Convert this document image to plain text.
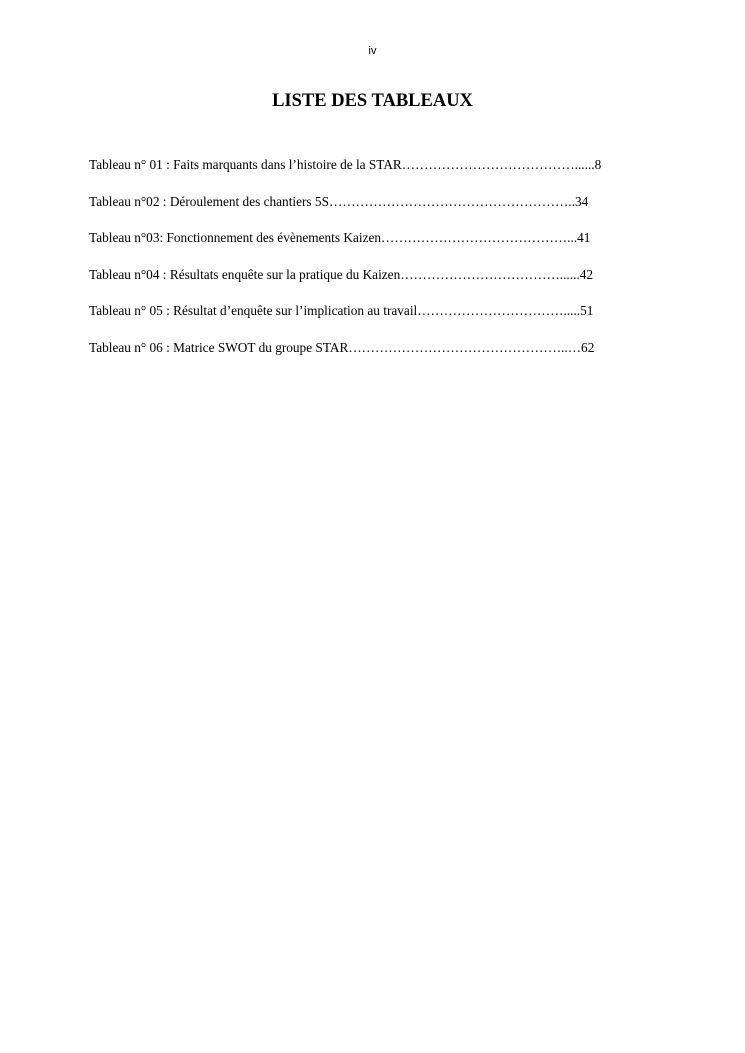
iv
LISTE DES TABLEAUX
Tableau n° 01 : Faits marquants dans l’histoire de la STAR…………………………………......8
Tableau n°02 : Déroulement des chantiers 5S………………………………………………..34
Tableau n°03: Fonctionnement des évènements Kaizen……………………………………...41
Tableau n°04 : Résultats enquête sur la pratique du Kaizen………………………………......42
Tableau n° 05 : Résultat d’enquête sur l’implication au travail…………………………….....51
Tableau n° 06 : Matrice SWOT du groupe STAR…………………………………………..…62
